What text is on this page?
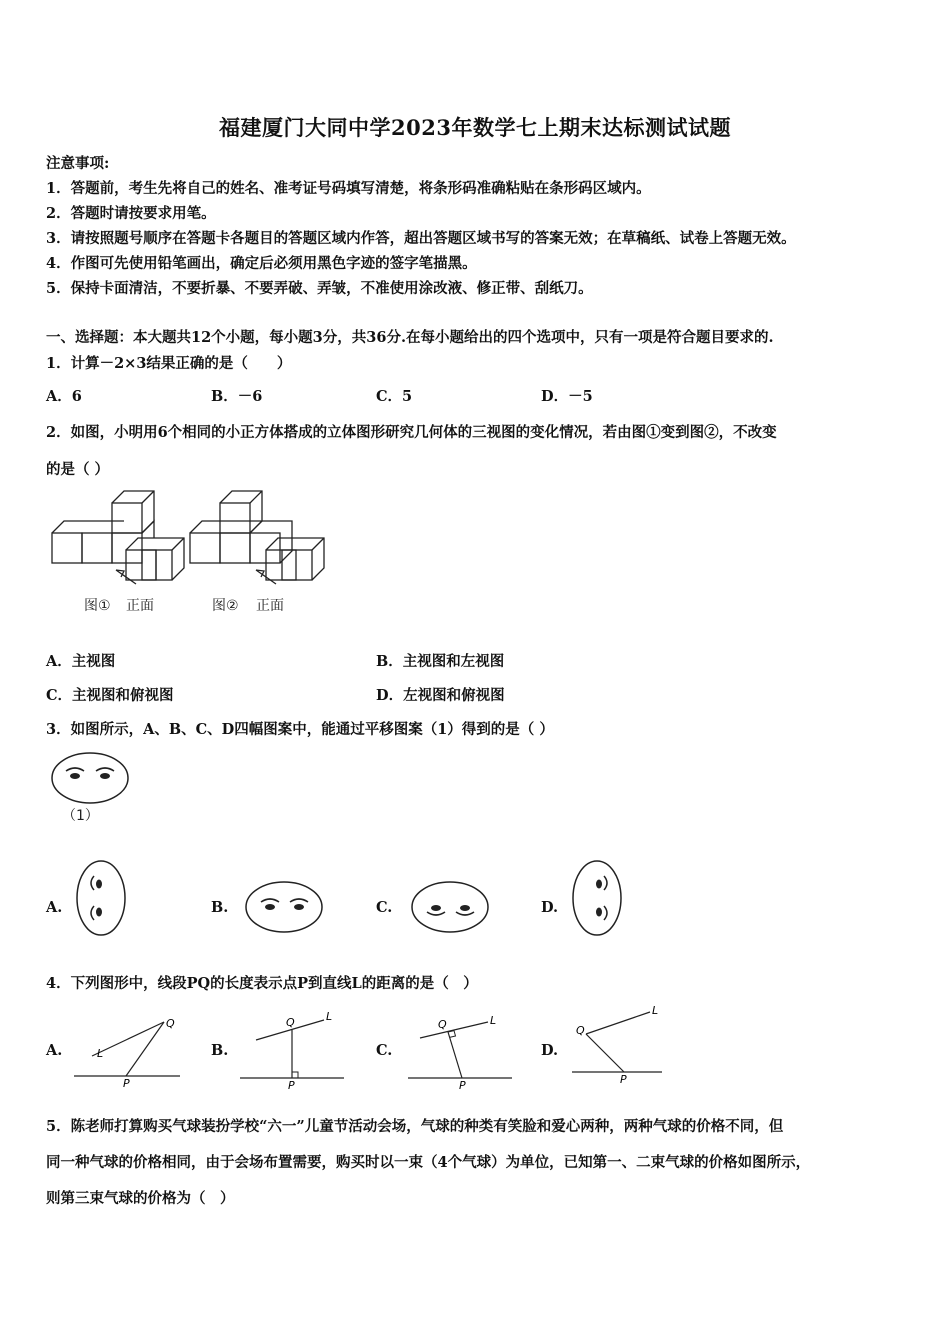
福建厦门大同中学2023年数学七上期末达标测试试题
注意事项:
1．答题前，考生先将自己的姓名、准考证号码填写清楚，将条形码准确粘贴在条形码区域内。
2．答题时请按要求用笔。
3．请按照题号顺序在答题卡各题目的答题区域内作答，超出答题区域书写的答案无效；在草稿纸、试卷上答题无效。
4．作图可先使用铅笔画出，确定后必须用黑色字迹的签字笔描黑。
5．保持卡面清洁，不要折暴、不要弄破、弄皱，不准使用涂改液、修正带、刮纸刀。
一、选择题：本大题共12个小题，每小题3分，共36分.在每小题给出的四个选项中，只有一项是符合题目要求的.
1．计算－2×3结果正确的是（　　）
A．6	B．－6	C．5	D．－5
2．如图，小明用6个相同的小正方体搭成的立体图形研究几何体的三视图的变化情况，若由图①变到图②，不改变
的是（ ）
图① 正面	图② 正面
A．主视图	B．主视图和左视图
C．主视图和俯视图	D．左视图和俯视图
3．如图所示，A、B、C、D四幅图案中，能通过平移图案（1）得到的是（ ）
（1）
A.	B.	C.	D.
4．下列图形中，线段PQ的长度表示点P到直线L的距离的是（　）
A.
Q
L
P
B.
Q	L
P
C.
Q	L
P
D.
Q
L
P
5．陈老师打算购买气球装扮学校“六一”儿童节活动会场，气球的种类有笑脸和爱心两种，两种气球的价格不同，但
同一种气球的价格相同，由于会场布置需要，购买时以一束（4个气球）为单位，已知第一、二束气球的价格如图所示，
则第三束气球的价格为（　）
